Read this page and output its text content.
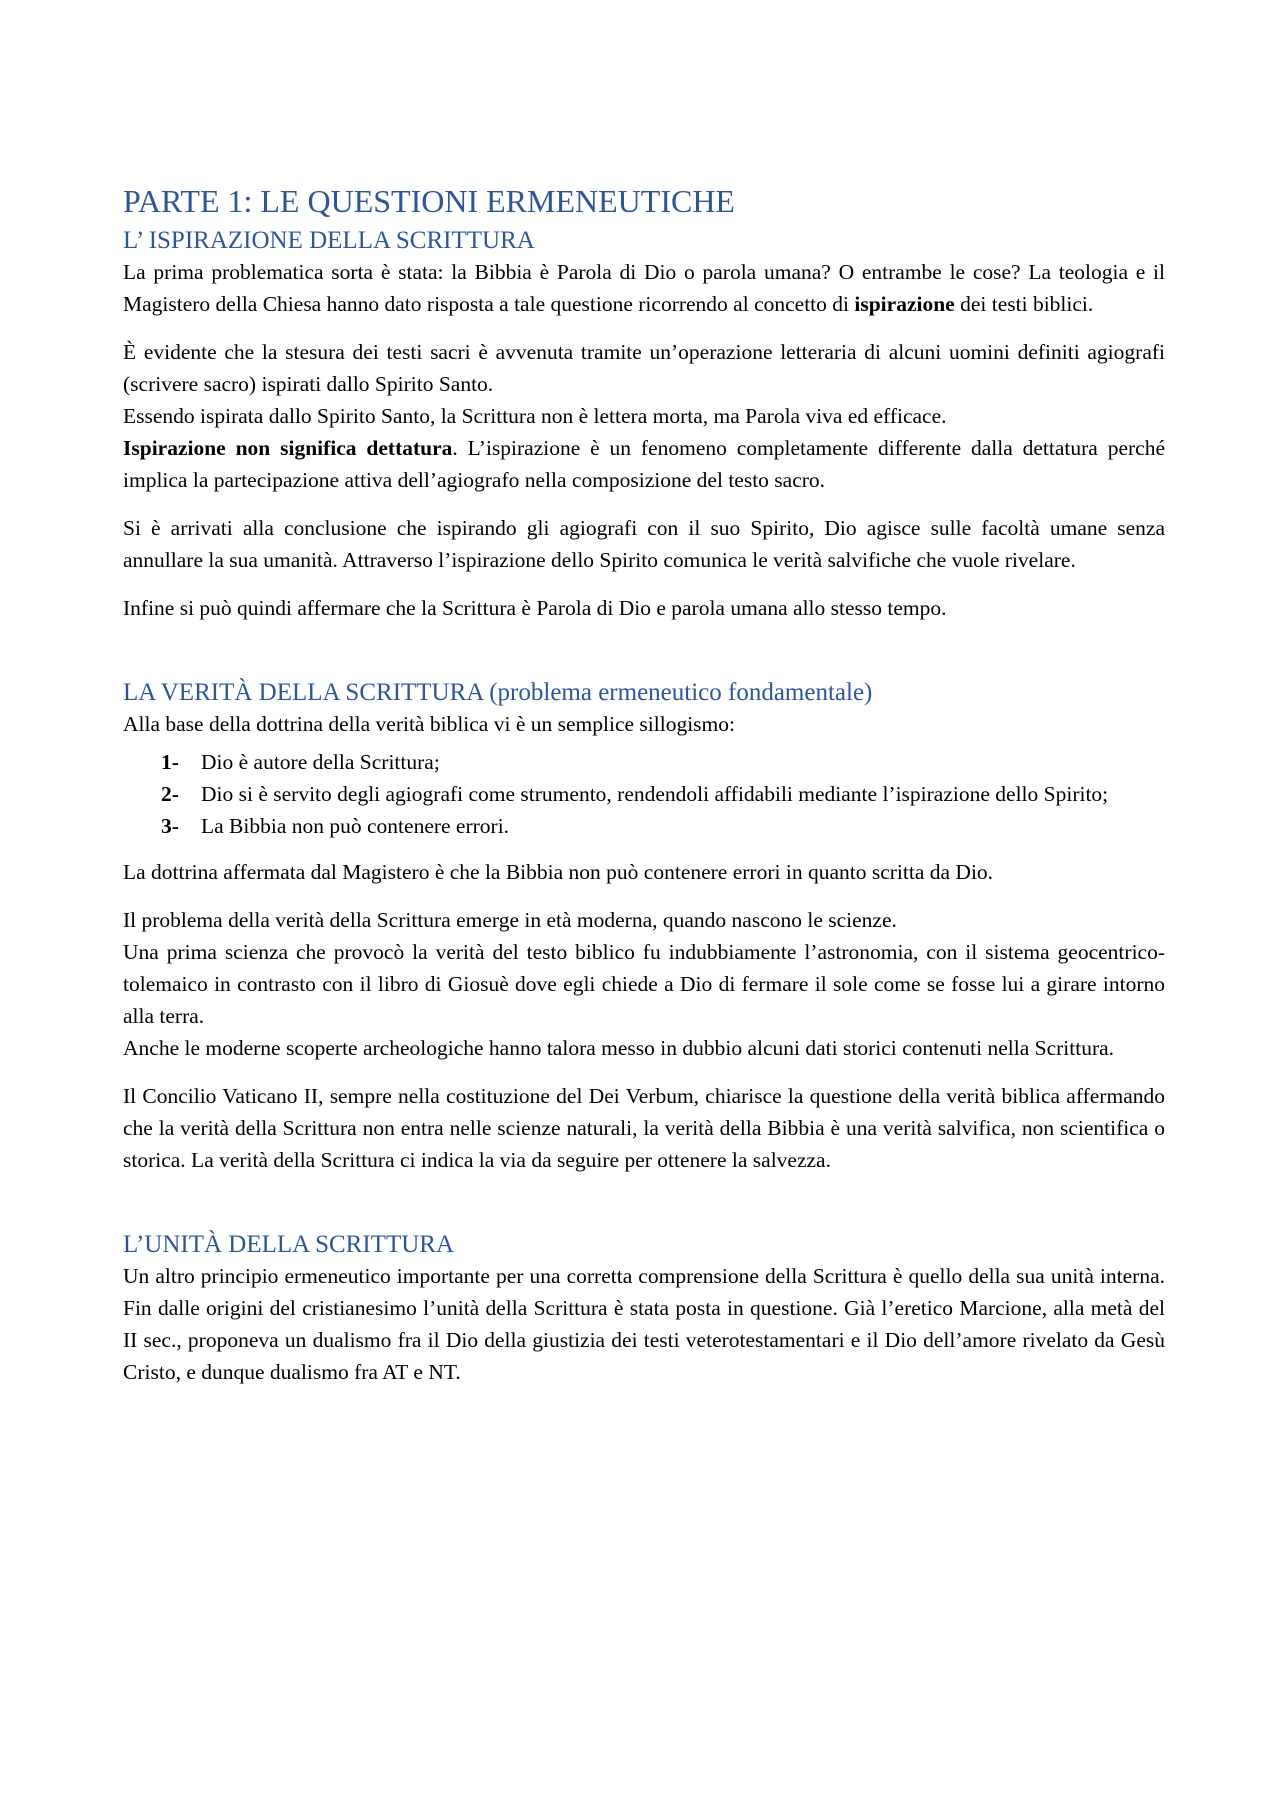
PARTE 1: LE QUESTIONI ERMENEUTICHE
L’ ISPIRAZIONE DELLA SCRITTURA

La prima problematica sorta è stata: la Bibbia è Parola di Dio o parola umana? O entrambe le cose? La teologia e il Magistero della Chiesa hanno dato risposta a tale questione ricorrendo al concetto di ispirazione dei testi biblici.

È evidente che la stesura dei testi sacri è avvenuta tramite un’operazione letteraria di alcuni uomini definiti agiografi (scrivere sacro) ispirati dallo Spirito Santo.
Essendo ispirata dallo Spirito Santo, la Scrittura non è lettera morta, ma Parola viva ed efficace.
Ispirazione non significa dettatura. L’ispirazione è un fenomeno completamente differente dalla dettatura perché implica la partecipazione attiva dell’agiografo nella composizione del testo sacro.

Si è arrivati alla conclusione che ispirando gli agiografi con il suo Spirito, Dio agisce sulle facoltà umane senza annullare la sua umanità. Attraverso l’ispirazione dello Spirito comunica le verità salvifiche che vuole rivelare.

Infine si può quindi affermare che la Scrittura è Parola di Dio e parola umana allo stesso tempo.

LA VERITÀ DELLA SCRITTURA (problema ermeneutico fondamentale)

Alla base della dottrina della verità biblica vi è un semplice sillogismo:

1-	Dio è autore della Scrittura;
2-	Dio si è servito degli agiografi come strumento, rendendoli affidabili mediante l’ispirazione dello Spirito;
3-	La Bibbia non può contenere errori.

La dottrina affermata dal Magistero è che la Bibbia non può contenere errori in quanto scritta da Dio.

Il problema della verità della Scrittura emerge in età moderna, quando nascono le scienze.
Una prima scienza che provocò la verità del testo biblico fu indubbiamente l’astronomia, con il sistema geocentrico-tolemaico in contrasto con il libro di Giosuè dove egli chiede a Dio di fermare il sole come se fosse lui a girare intorno alla terra.
Anche le moderne scoperte archeologiche hanno talora messo in dubbio alcuni dati storici contenuti nella Scrittura.

Il Concilio Vaticano II, sempre nella costituzione del Dei Verbum, chiarisce la questione della verità biblica affermando che la verità della Scrittura non entra nelle scienze naturali, la verità della Bibbia è una verità salvifica, non scientifica o storica. La verità della Scrittura ci indica la via da seguire per ottenere la salvezza.

L’UNITÀ DELLA SCRITTURA

Un altro principio ermeneutico importante per una corretta comprensione della Scrittura è quello della sua unità interna. Fin dalle origini del cristianesimo l’unità della Scrittura è stata posta in questione. Già l’eretico Marcione, alla metà del II sec., proponeva un dualismo fra il Dio della giustizia dei testi veterotestamentari e il Dio dell’amore rivelato da Gesù Cristo, e dunque dualismo fra AT e NT.
